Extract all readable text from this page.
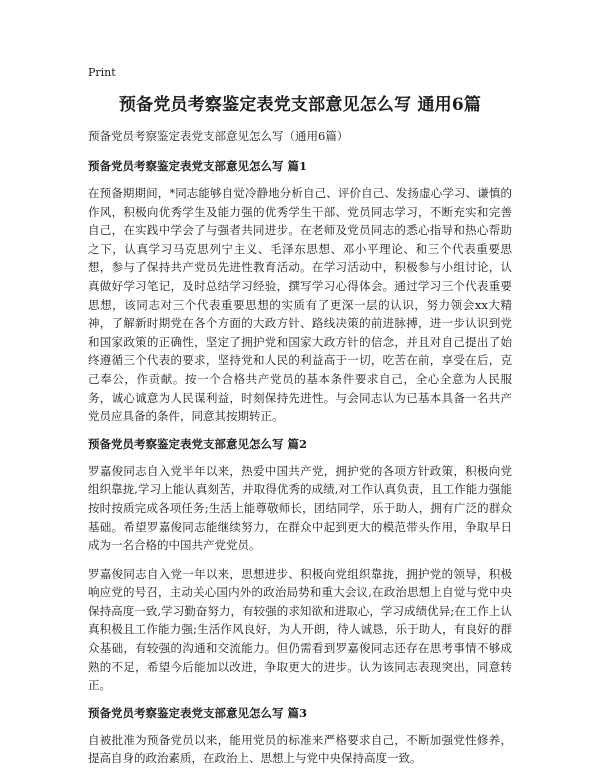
Print
预备党员考察鉴定表党支部意见怎么写 通用6篇
预备党员考察鉴定表党支部意见怎么写（通用6篇）
预备党员考察鉴定表党支部意见怎么写 篇1

在预备期期间，*同志能够自觉冷静地分析自己、评价自己、发扬虚心学习、谦慎的作风，积极向优秀学生及能力强的优秀学生干部、党员同志学习，不断充实和完善自己，在实践中学会了与强者共同进步。在老师及党员同志的悉心指导和热心帮助之下，认真学习马克思列宁主义、毛泽东思想、邓小平理论、和三个代表重要思想，参与了保持共产党员先进性教育活动。在学习活动中，积极参与小组讨论，认真做好学习笔记，及时总结学习经验，撰写学习心得体会。通过学习三个代表重要思想，该同志对三个代表重要思想的实质有了更深一层的认识，努力领会xx大精神，了解新时期党在各个方面的大政方针、路线决策的前进脉搏，进一步认识到党和国家政策的正确性，坚定了拥护党和国家大政方针的信念，并且对自己提出了始终遵循三个代表的要求，坚持党和人民的利益高于一切，吃苦在前，享受在后，克己奉公，作贡献。按一个合格共产党员的基本条件要求自己，全心全意为人民服务，诚心诚意为人民谋利益，时刻保持先进性。与会同志认为已基本具备一名共产党员应具备的条件，同意其按期转正。

预备党员考察鉴定表党支部意见怎么写 篇2

罗嘉俊同志自入党半年以来，热爱中国共产党，拥护党的各项方针政策，积极向党组织靠拢,学习上能认真刻苦，并取得优秀的成绩,对工作认真负责，且工作能力强能按时按质完成各项任务;生活上能尊敬师长，团结同学，乐于助人，拥有广泛的群众基础。希望罗嘉俊同志能继续努力，在群众中起到更大的模范带头作用，争取早日成为一名合格的中国共产党党员。

罗嘉俊同志自入党一年以来，思想进步、积极向党组织靠拢，拥护党的领导，积极响应党的号召，主动关心国内外的政治局势和重大会议,在政治思想上自觉与党中央保持高度一致,学习勤奋努力，有较强的求知欲和进取心，学习成绩优异;在工作上认真积极且工作能力强;生活作风良好，为人开朗，待人诚恳，乐于助人，有良好的群众基础，有较强的沟通和交流能力。但仍需看到罗嘉俊同志还存在思考事情不够成熟的不足，希望今后能加以改进，争取更大的进步。认为该同志表现突出，同意转正。

预备党员考察鉴定表党支部意见怎么写 篇3

自被批准为预备党员以来，能用党员的标准来严格要求自己，不断加强党性修养，提高自身的政治素质，在政治上、思想上与党中央保持高度一致。
